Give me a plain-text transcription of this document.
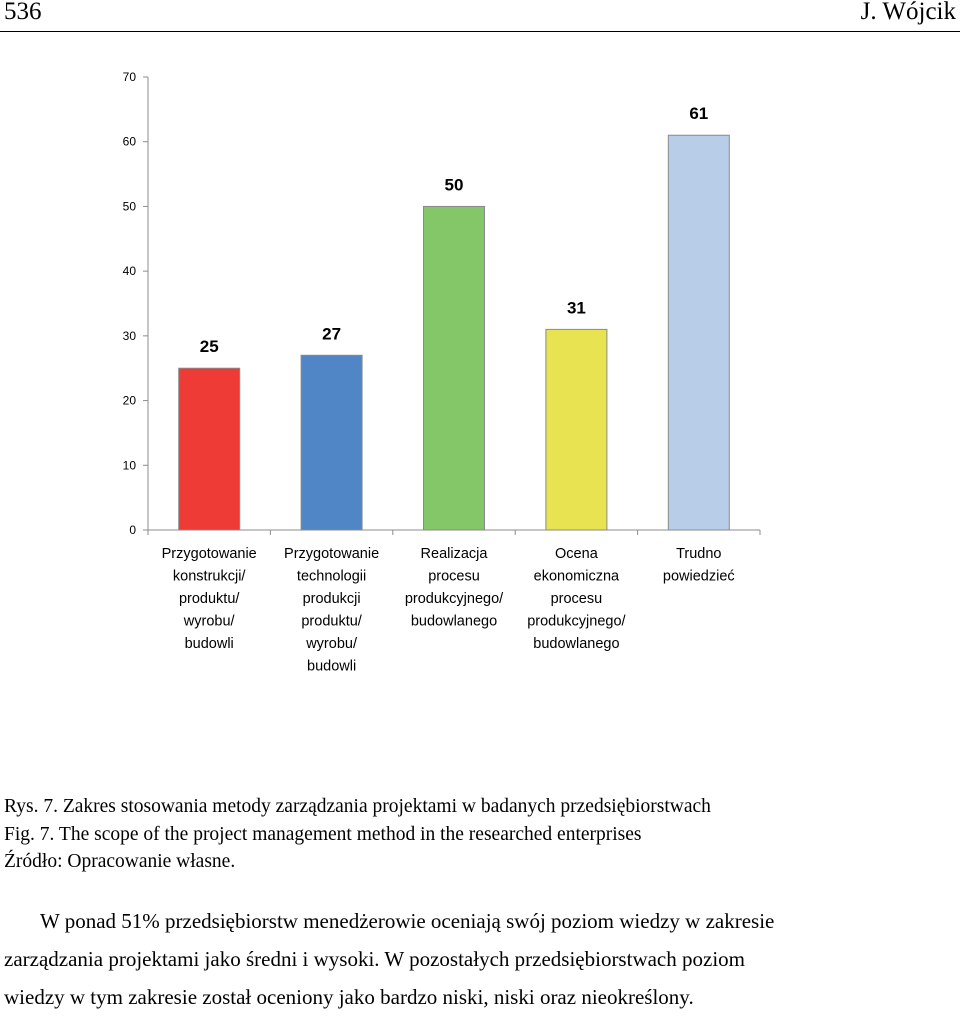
536	J. Wójcik
0
10
20
30
40
50
60
70
25
Przygotowanie konstrukcji/ produktu/ wyrobu/ budowli
27
Przygotowanie technologii produkcji produktu/ wyrobu/ budowli
50
Realizacja procesu produkcyjnego/ budowlanego
31
Ocena ekonomiczna procesu produkcyjnego/ budowlanego
61
Trudno powiedzieć
Rys. 7. Zakres stosowania metody zarządzania projektami w badanych przedsiębiorstwach
Fig. 7. The scope of the project management method in the researched enterprises
Źródło: Opracowanie własne.
W ponad 51% przedsiębiorstw menedżerowie oceniają swój poziom wiedzy w zakresie
zarządzania projektami jako średni i wysoki. W pozostałych przedsiębiorstwach poziom
wiedzy w tym zakresie został oceniony jako bardzo niski, niski oraz nieokreślony.
